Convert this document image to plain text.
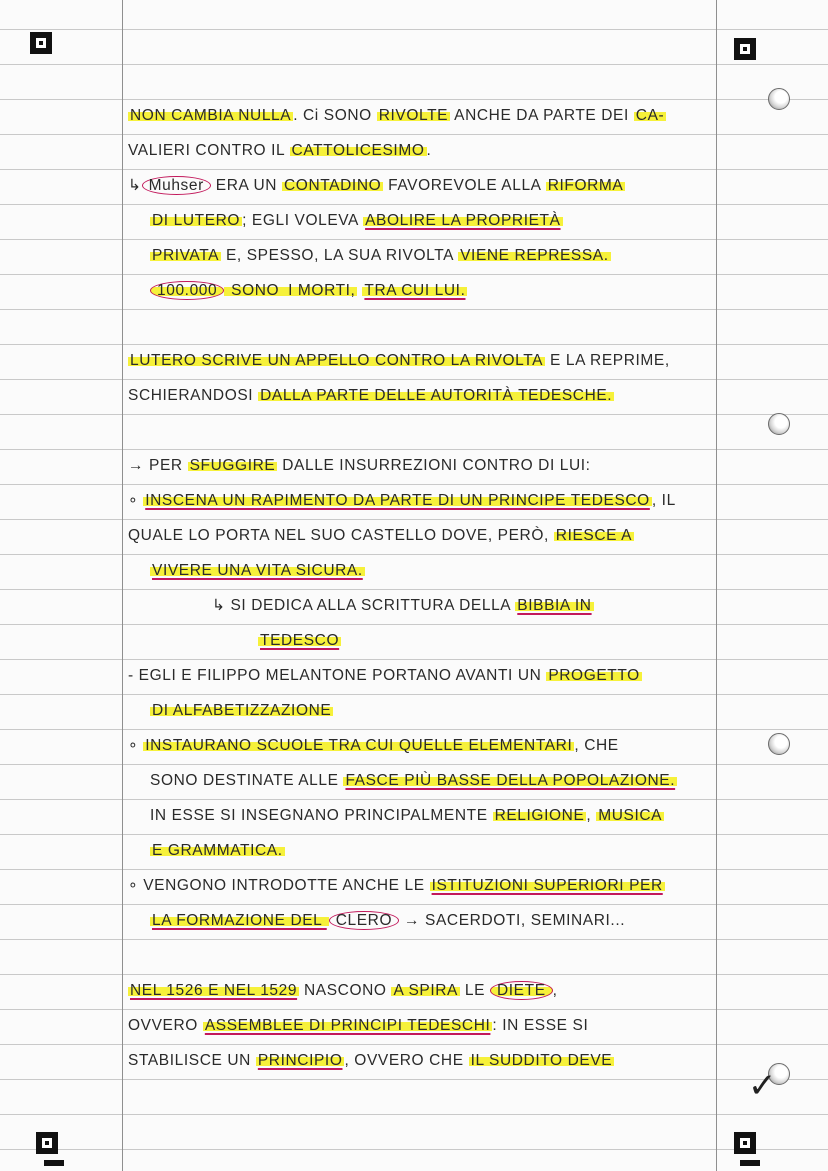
✓
NON CAMBIA NULLA . Ci SONO RIVOLTE ANCHE DA PARTE DEI CA-
VALIERI CONTRO IL CATTOLICESIMO .
↳ Muhser ERA UN CONTADINO FAVOREVOLE ALLA RIFORMA
DI LUTERO ; EGLI VOLEVA ABOLIRE LA PROPRIETÀ
PRIVATA E, SPESSO, LA SUA RIVOLTA VIENE REPRESSA.
100.000 SONO I MORTI, TRA CUI LUI.
LUTERO SCRIVE UN APPELLO CONTRO LA RIVOLTA E LA REPRIME,
SCHIERANDOSI DALLA PARTE DELLE AUTORITÀ TEDESCHE.
→ PER SFUGGIRE DALLE INSURREZIONI CONTRO DI LUI:
∘ INSCENA UN RAPIMENTO DA PARTE DI UN PRINCIPE TEDESCO , IL
QUALE LO PORTA NEL SUO CASTELLO DOVE, PERÒ, RIESCE A
VIVERE UNA VITA SICURA.
↳ SI DEDICA ALLA SCRITTURA DELLA BIBBIA IN
TEDESCO
- EGLI E FILIPPO MELANTONE PORTANO AVANTI UN PROGETTO
DI ALFABETIZZAZIONE
∘ INSTAURANO SCUOLE TRA CUI QUELLE ELEMENTARI , CHE
SONO DESTINATE ALLE FASCE PIÙ BASSE DELLA POPOLAZIONE.
IN ESSE SI INSEGNANO PRINCIPALMENTE RELIGIONE , MUSICA
E GRAMMATICA.
∘ VENGONO INTRODOTTE ANCHE LE ISTITUZIONI SUPERIORI PER
LA FORMAZIONE DEL CLERO → SACERDOTI, SEMINARI...
NEL 1526 E NEL 1529 NASCONO A SPIRA LE DIETE ,
OVVERO ASSEMBLEE DI PRINCIPI TEDESCHI : IN ESSE SI
STABILISCE UN PRINCIPIO , OVVERO CHE IL SUDDITO DEVE
